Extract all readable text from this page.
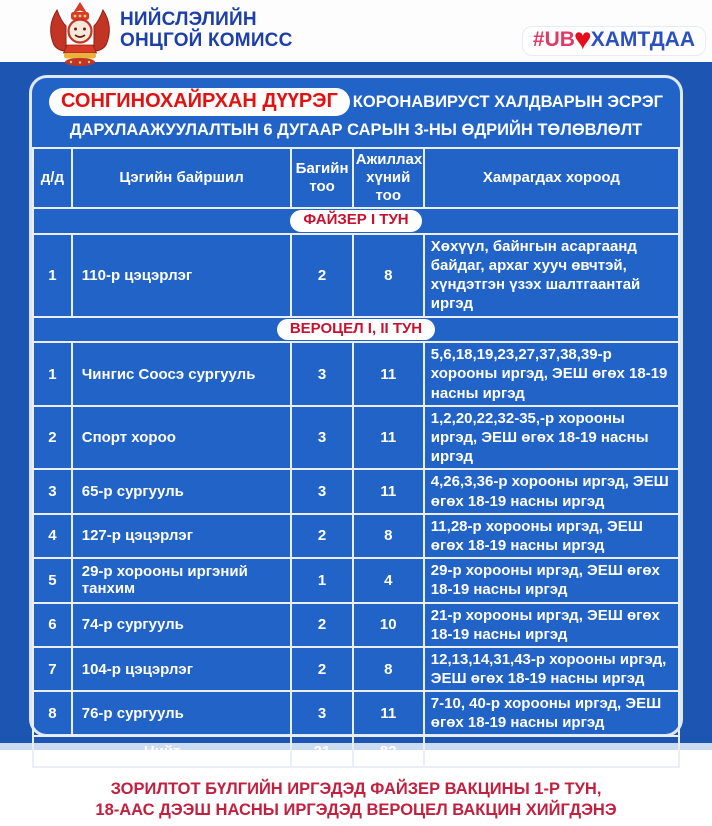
НИЙСЛЭЛИЙН
ОНЦГОЙ КОМИСС	#UB ♥ ХАМТДАА
СОНГИНОХАЙРХАН ДҮҮРЭГ КОРОНАВИРУСТ ХАЛДВАРЫН ЭСРЭГ
ДАРХЛААЖУУЛАЛТЫН 6 ДУГААР САРЫН 3-НЫ ӨДРИЙН ТӨЛӨВЛӨЛТ
д/д	Цэгийн байршил	Багийн тоо	Ажиллах хүний тоо	Хамрагдах хороод
ФАЙЗЕР I ТУН				
1	110-р цэцэрлэг	2	8	Хөхүүл, байнгын асаргаанд байдаг, архаг хууч өвчтэй, хүндэтгэн үзэх шалтгаантай иргэд
ВЕРОЦЕЛ I, II ТУН				
1	Чингис Соосэ сургууль	3	11	5,6,18,19,23,27,37,38,39-р хорооны иргэд, ЭЕШ өгөх 18-19 насны иргэд
2	Спорт хороо	3	11	1,2,20,22,32-35,-р хорооны иргэд, ЭЕШ өгөх 18-19 насны иргэд
3	65-р сургууль	3	11	4,26,3,36-р хорооны иргэд, ЭЕШ өгөх 18-19 насны иргэд
4	127-р цэцэрлэг	2	8	11,28-р хорооны иргэд, ЭЕШ өгөх 18-19 насны иргэд
5	29-р хорооны иргэний танхим	1	4	29-р хорооны иргэд, ЭЕШ өгөх 18-19 насны иргэд
6	74-р сургууль	2	10	21-р хорооны иргэд, ЭЕШ өгөх 18-19 насны иргэд
7	104-р цэцэрлэг	2	8	12,13,14,31,43-р хорооны иргэд, ЭЕШ өгөх 18-19 насны иргэд
8	76-р сургууль	3	11	7-10, 40-р хорооны иргэд, ЭЕШ өгөх 18-19 насны иргэд
Нийт		21	82	
ЗОРИЛТОТ БҮЛГИЙН ИРГЭДЭД ФАЙЗЕР ВАКЦИНЫ 1-Р ТУН,
18-ААС ДЭЭШ НАСНЫ ИРГЭДЭД ВЕРОЦЕЛ ВАКЦИН ХИЙГДЭНЭ
